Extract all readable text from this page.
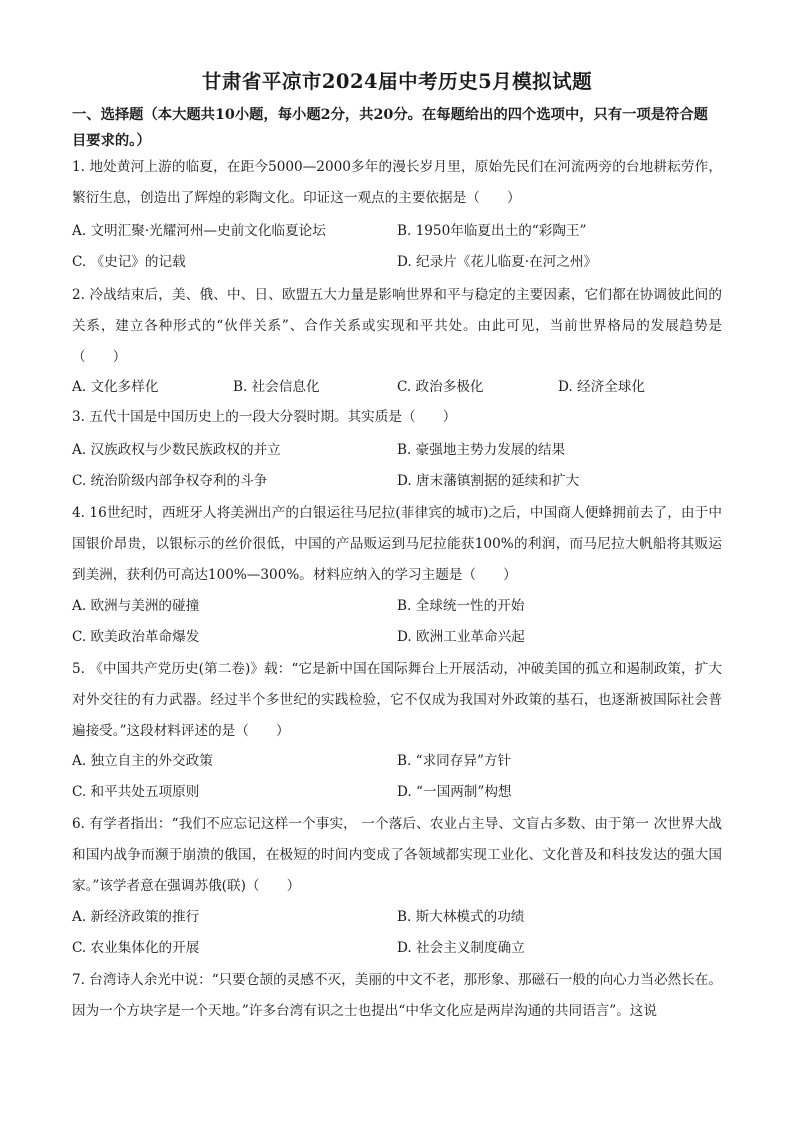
甘肃省平凉市2024届中考历史5月模拟试题
一、选择题（本大题共10小题，每小题2分，共20分。在每题给出的四个选项中，只有一项是符合题目要求的。）
1. 地处黄河上游的临夏，在距今5000—2000多年的漫长岁月里，原始先民们在河流两旁的台地耕耘劳作，繁衍生息，创造出了辉煌的彩陶文化。印证这一观点的主要依据是（　　）
A. 文明汇聚·光耀河州—史前文化临夏论坛	B. 1950年临夏出土的“彩陶王”
C. 《史记》的记载	D. 纪录片《花儿临夏·在河之州》
2. 冷战结束后，美、俄、中、日、欧盟五大力量是影响世界和平与稳定的主要因素，它们都在协调彼此间的关系，建立各种形式的“伙伴关系”、合作关系或实现和平共处。由此可见，当前世界格局的发展趋势是（　　）
A. 文化多样化	B. 社会信息化	C. 政治多极化	D. 经济全球化
3. 五代十国是中国历史上的一段大分裂时期。其实质是（　　）
A. 汉族政权与少数民族政权的并立	B. 豪强地主势力发展的结果
C. 统治阶级内部争权夺利的斗争	D. 唐末藩镇割据的延续和扩大
4. 16世纪时，西班牙人将美洲出产的白银运往马尼拉(菲律宾的城市)之后，中国商人便蜂拥前去了，由于中国银价昂贵，以银标示的丝价很低，中国的产品贩运到马尼拉能获100%的利润，而马尼拉大帆船将其贩运到美洲，获利仍可高达100%—300%。材料应纳入的学习主题是（　　）
A. 欧洲与美洲的碰撞	B. 全球统一性的开始
C. 欧美政治革命爆发	D. 欧洲工业革命兴起
5. 《中国共产党历史(第二卷)》载：“它是新中国在国际舞台上开展活动，冲破美国的孤立和遏制政策，扩大对外交往的有力武器。经过半个多世纪的实践检验，它不仅成为我国对外政策的基石，也逐渐被国际社会普遍接受。”这段材料评述的是（　　）
A. 独立自主的外交政策	B. “求同存异”方针
C. 和平共处五项原则	D. “一国两制”构想
6. 有学者指出：“我们不应忘记这样一个事实， 一个落后、农业占主导、文盲占多数、由于第一 次世界大战和国内战争而濒于崩溃的俄国，在极短的时间内变成了各领域都实现工业化、文化普及和科技发达的强大国家。”该学者意在强调苏俄(联)（　　）
A. 新经济政策的推行	B. 斯大林模式的功绩
C. 农业集体化的开展	D. 社会主义制度确立
7. 台湾诗人余光中说：“只要仓颉的灵感不灭，美丽的中文不老，那形象、那磁石一般的向心力当必然长在。因为一个方块字是一个天地。”许多台湾有识之士也提出“中华文化应是两岸沟通的共同语言”。这说
